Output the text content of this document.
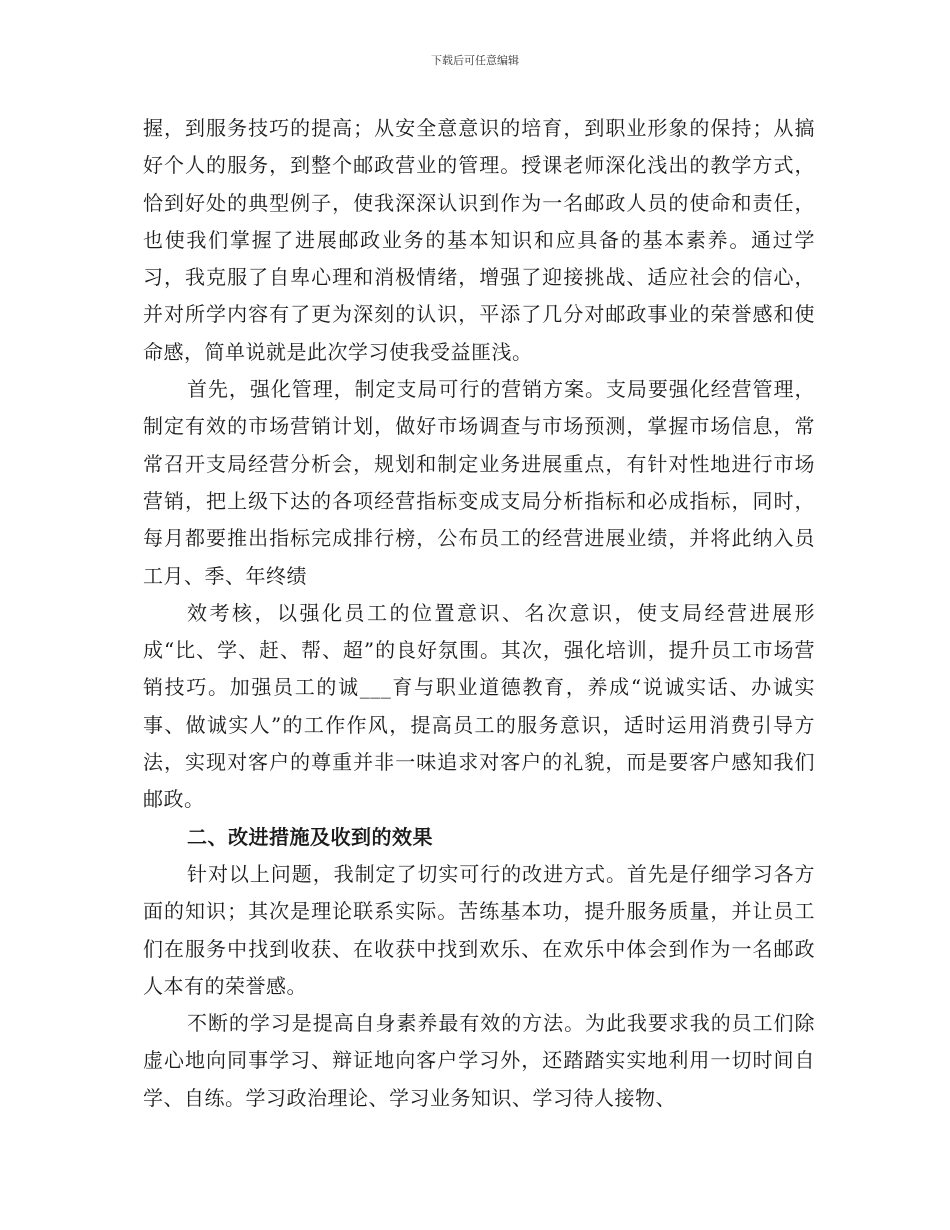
下载后可任意编辑

握，到服务技巧的提高；从安全意意识的培育，到职业形象的保持；从搞好个人的服务，到整个邮政营业的管理。授课老师深化浅出的教学方式，恰到好处的典型例子，使我深深认识到作为一名邮政人员的使命和责任，也使我们掌握了进展邮政业务的基本知识和应具备的基本素养。通过学习，我克服了自卑心理和消极情绪，增强了迎接挑战、适应社会的信心，并对所学内容有了更为深刻的认识，平添了几分对邮政事业的荣誉感和使命感，简单说就是此次学习使我受益匪浅。

首先，强化管理，制定支局可行的营销方案。支局要强化经营管理，制定有效的市场营销计划，做好市场调查与市场预测，掌握市场信息，常常召开支局经营分析会，规划和制定业务进展重点，有针对性地进行市场营销，把上级下达的各项经营指标变成支局分析指标和必成指标，同时，每月都要推出指标完成排行榜，公布员工的经营进展业绩，并将此纳入员工月、季、年终绩

效考核，以强化员工的位置意识、名次意识，使支局经营进展形成“比、学、赶、帮、超”的良好氛围。其次，强化培训，提升员工市场营销技巧。加强员工的诚___育与职业道德教育，养成“说诚实话、办诚实事、做诚实人”的工作作风，提高员工的服务意识，适时运用消费引导方法，实现对客户的尊重并非一味追求对客户的礼貌，而是要客户感知我们邮政。

二、改进措施及收到的效果

针对以上问题，我制定了切实可行的改进方式。首先是仔细学习各方面的知识；其次是理论联系实际。苦练基本功，提升服务质量，并让员工们在服务中找到收获、在收获中找到欢乐、在欢乐中体会到作为一名邮政人本有的荣誉感。

不断的学习是提高自身素养最有效的方法。为此我要求我的员工们除虚心地向同事学习、辩证地向客户学习外，还踏踏实实地利用一切时间自学、自练。学习政治理论、学习业务知识、学习待人接物、
